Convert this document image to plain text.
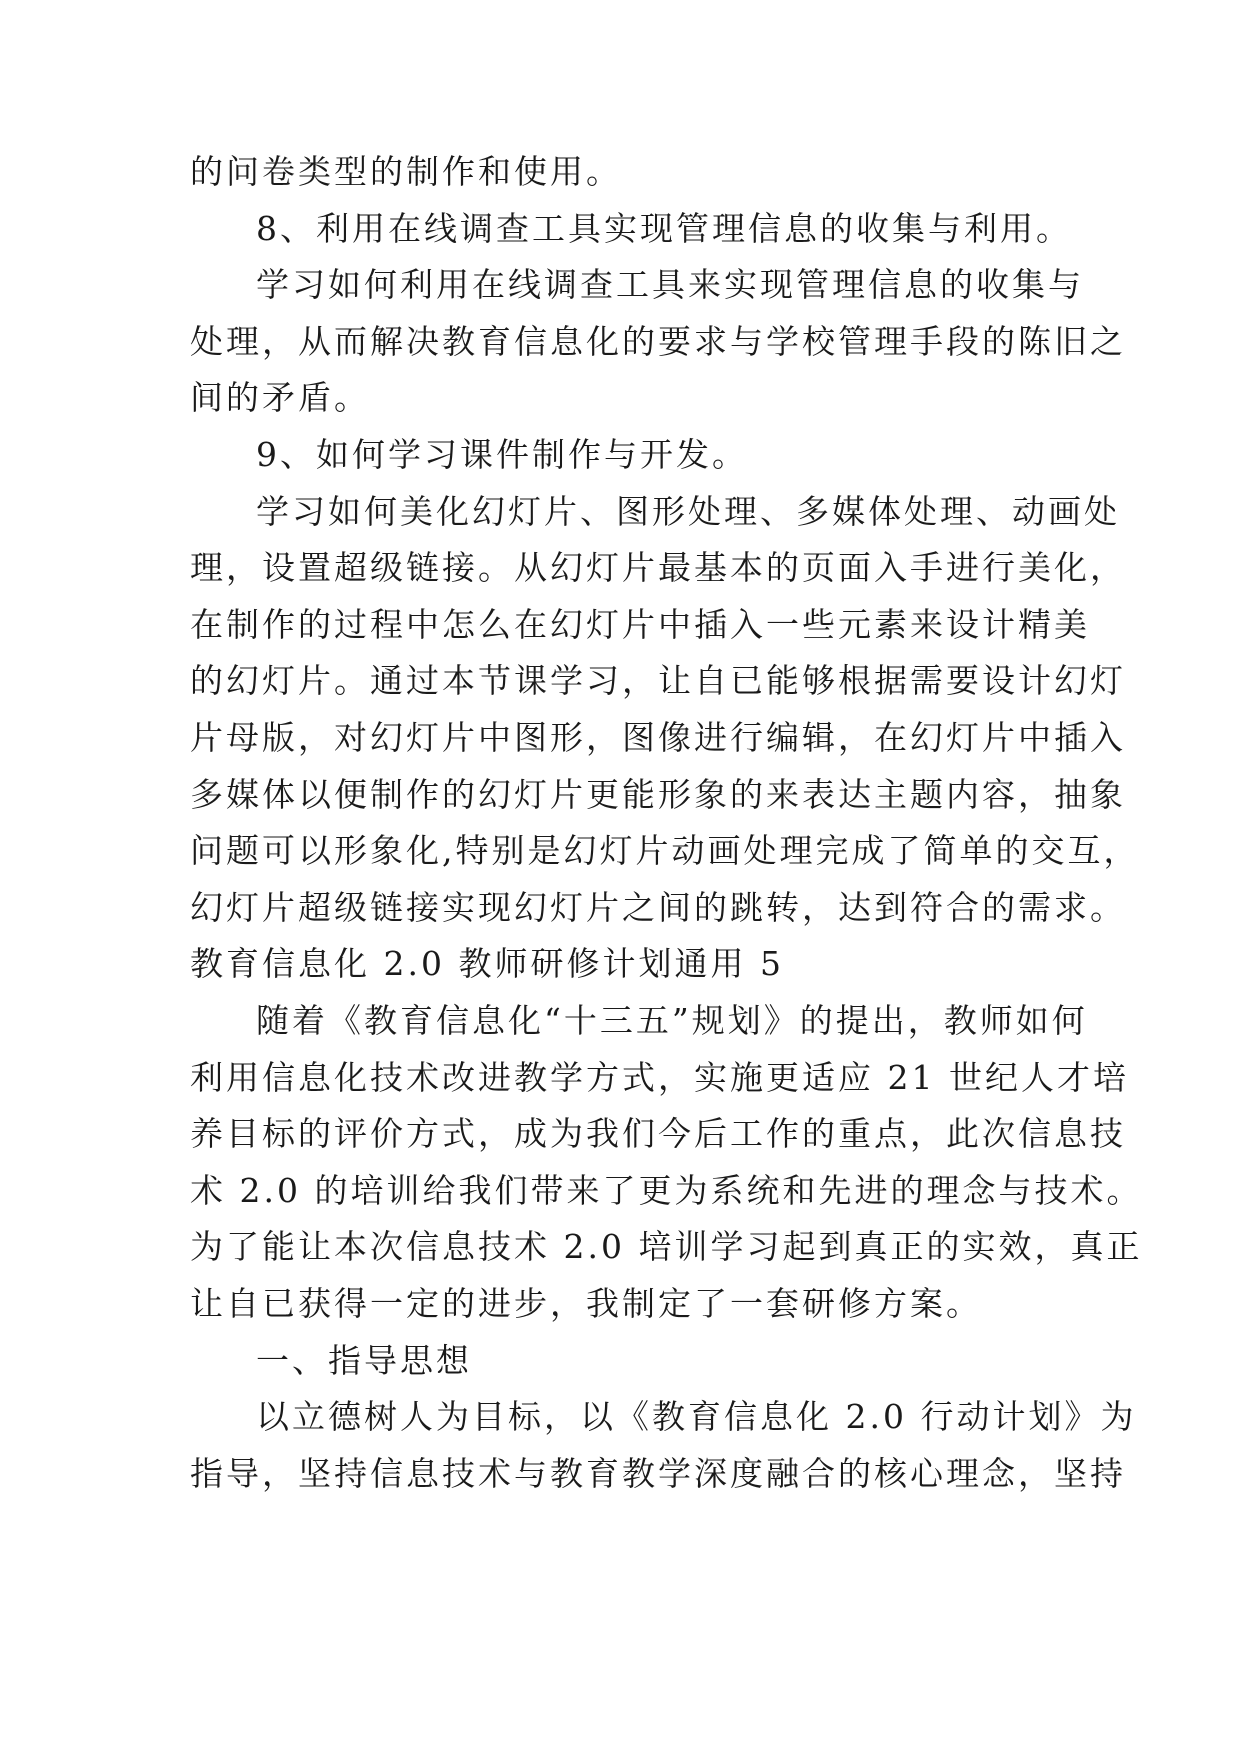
的问卷类型的制作和使用。
8、利用在线调查工具实现管理信息的收集与利用。
学习如何利用在线调查工具来实现管理信息的收集与
处理，从而解决教育信息化的要求与学校管理手段的陈旧之
间的矛盾。
9、如何学习课件制作与开发。
学习如何美化幻灯片、图形处理、多媒体处理、动画处
理，设置超级链接。从幻灯片最基本的页面入手进行美化，
在制作的过程中怎么在幻灯片中插入一些元素来设计精美
的幻灯片。通过本节课学习，让自已能够根据需要设计幻灯
片母版，对幻灯片中图形，图像进行编辑，在幻灯片中插入
多媒体以便制作的幻灯片更能形象的来表达主题内容，抽象
问题可以形象化,特别是幻灯片动画处理完成了简单的交互，
幻灯片超级链接实现幻灯片之间的跳转，达到符合的需求。
教育信息化 2.0 教师研修计划通用 5
随着《教育信息化“十三五”规划》的提出，教师如何
利用信息化技术改进教学方式，实施更适应 21 世纪人才培
养目标的评价方式，成为我们今后工作的重点，此次信息技
术 2.0 的培训给我们带来了更为系统和先进的理念与技术。
为了能让本次信息技术 2.0 培训学习起到真正的实效，真正
让自已获得一定的进步，我制定了一套研修方案。
一、指导思想
以立德树人为目标，以《教育信息化 2.0 行动计划》为
指导，坚持信息技术与教育教学深度融合的核心理念，坚持
